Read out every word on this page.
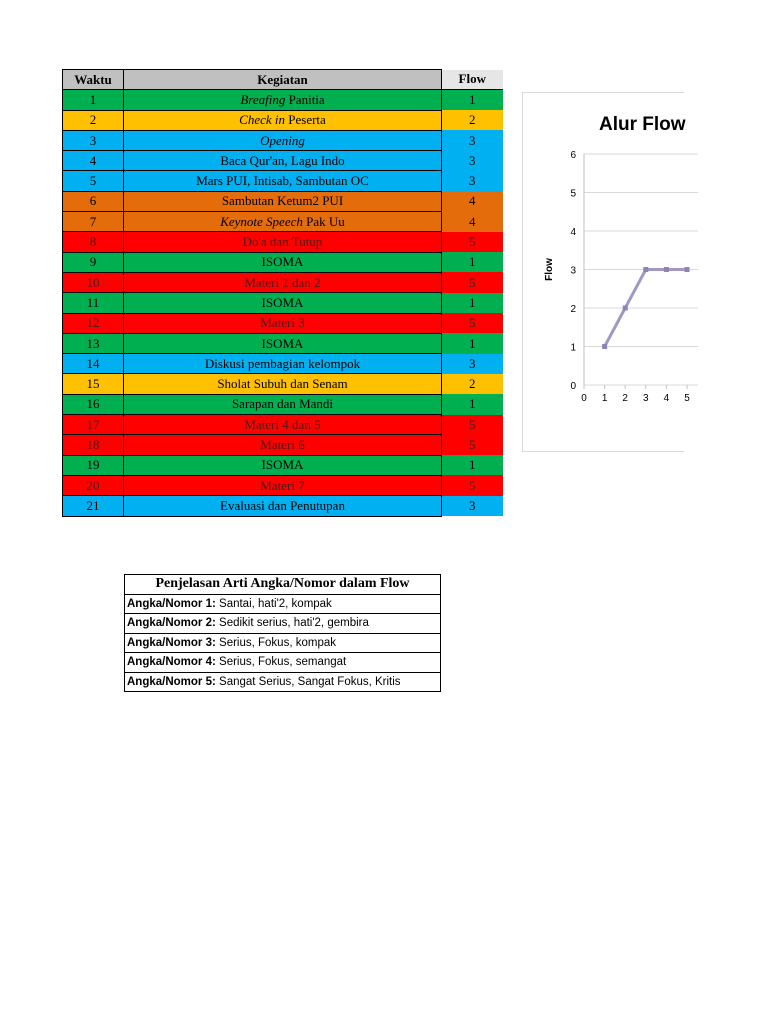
Waktu	Kegiatan	Flow
1	Breafing Panitia	1
2	Check in Peserta	2
3	Opening	3
4	Baca Qur'an, Lagu Indo	3
5	Mars PUI, Intisab, Sambutan OC	3
6	Sambutan Ketum2 PUI	4
7	Keynote Speech Pak Uu	4
8	Do'a dan Tutup	5
9	ISOMA	1
10	Materi 1 dan 2	5
11	ISOMA	1
12	Materi 3	5
13	ISOMA	1
14	Diskusi pembagian kelompok	3
15	Sholat Subuh dan Senam	2
16	Sarapan dan Mandi	1
17	Materi 4 dan 5	5
18	Materi 6	5
19	ISOMA	1
20	Materi 7	5
21	Evaluasi dan Penutupan	3
0
1
2
3
4
5
6
0 1 2 3 4 5
Alur Flow
Flow
Penjelasan Arti Angka/Nomor dalam Flow
Angka/Nomor 1: Santai, hati'2, kompak
Angka/Nomor 2: Sedikit serius, hati'2, gembira
Angka/Nomor 3: Serius, Fokus, kompak
Angka/Nomor 4: Serius, Fokus, semangat
Angka/Nomor 5: Sangat Serius, Sangat Fokus, Kritis
